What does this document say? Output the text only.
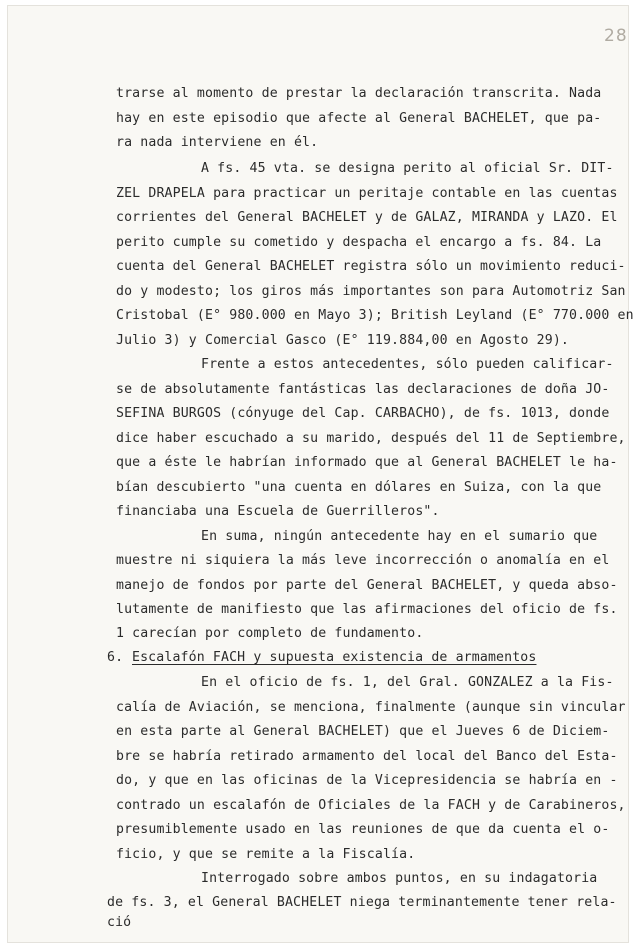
28
trarse al momento de prestar la declaración transcrita. Nada
hay en este episodio que afecte al General BACHELET, que pa-
ra nada interviene en él.
A fs. 45 vta. se designa perito al oficial Sr. DIT-
ZEL DRAPELA para practicar un peritaje contable en las cuentas
corrientes del General BACHELET y de GALAZ, MIRANDA y LAZO. El
perito cumple su cometido y despacha el encargo a fs. 84. La
cuenta del General BACHELET registra sólo un movimiento reduci-
do y modesto; los giros más importantes son para Automotriz San
Cristobal (E° 980.000 en Mayo 3); British Leyland (E° 770.000 en
Julio 3) y Comercial Gasco (E° 119.884,00 en Agosto 29).
Frente a estos antecedentes, sólo pueden calificar-
se de absolutamente fantásticas las declaraciones de doña JO-
SEFINA BURGOS (cónyuge del Cap. CARBACHO), de fs. 1013, donde
dice haber escuchado a su marido, después del 11 de Septiembre,
que a éste le habrían informado que al General BACHELET le ha-
bían descubierto "una cuenta en dólares en Suiza, con la que
financiaba una Escuela de Guerrilleros".
En suma, ningún antecedente hay en el sumario que
muestre ni siquiera la más leve incorrección o anomalía en el
manejo de fondos por parte del General BACHELET, y queda abso-
lutamente de manifiesto que las afirmaciones del oficio de fs.
1 carecían por completo de fundamento.
6. Escalafón FACH y supuesta existencia de armamentos
En el oficio de fs. 1, del Gral. GONZALEZ a la Fis-
calía de Aviación, se menciona, finalmente (aunque sin vincular
en esta parte al General BACHELET) que el Jueves 6 de Diciem-
bre se habría retirado armamento del local del Banco del Esta-
do, y que en las oficinas de la Vicepresidencia se habría en -
contrado un escalafón de Oficiales de la FACH y de Carabineros,
presumiblemente usado en las reuniones de que da cuenta el o-
ficio, y que se remite a la Fiscalía.
Interrogado sobre ambos puntos, en su indagatoria
de fs. 3, el General BACHELET niega terminantemente tener rela-
ció
